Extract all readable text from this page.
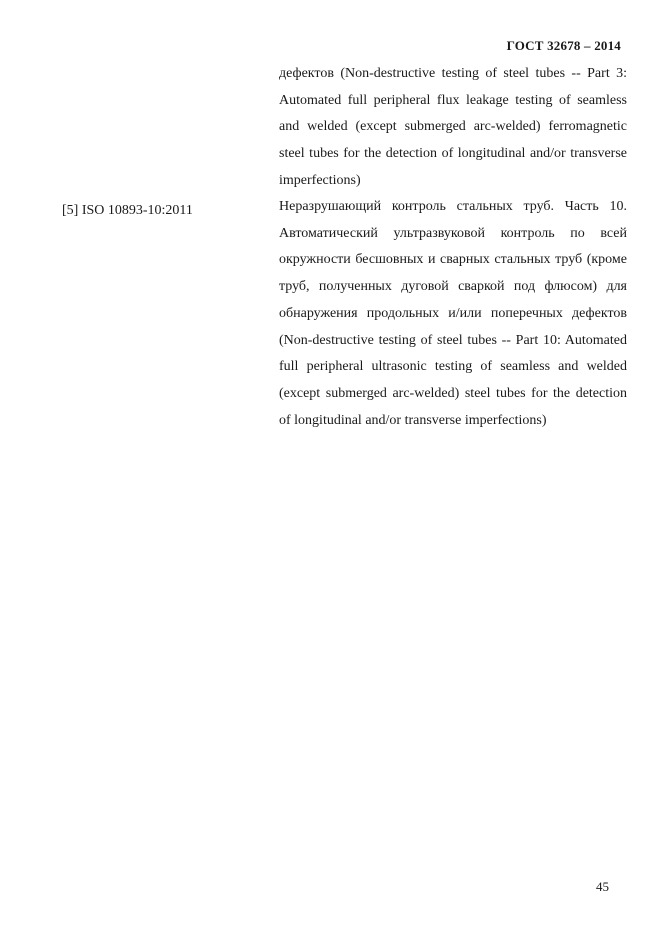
ГОСТ 32678 – 2014
дефектов (Non-destructive testing of steel tubes -- Part 3: Automated full peripheral flux leakage testing of seamless and welded (except submerged arc-welded) ferromagnetic steel tubes for the detection of longitudinal and/or transverse imperfections)
[5] ISO 10893-10:2011	Неразрушающий контроль стальных труб. Часть 10. Автоматический ультразвуковой контроль по всей окружности бесшовных и сварных стальных труб (кроме труб, полученных дуговой сваркой под флюсом) для обнаружения продольных и/или поперечных дефектов (Non-destructive testing of steel tubes -- Part 10: Automated full peripheral ultrasonic testing of seamless and welded (except submerged arc-welded) steel tubes for the detection of longitudinal and/or transverse imperfections)
45
